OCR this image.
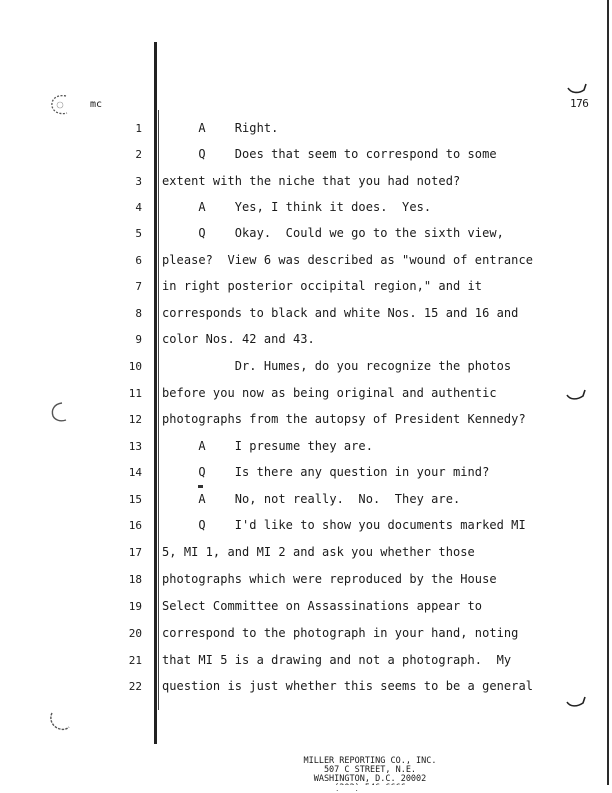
mc	176
1 A    Right.
2 Q    Does that seem to correspond to some
3 extent with the niche that you had noted?
4 A    Yes, I think it does.  Yes.
5 Q    Okay.  Could we go to the sixth view,
6 please?  View 6 was described as "wound of entrance
7 in right posterior occipital region," and it
8 corresponds to black and white Nos. 15 and 16 and
9 color Nos. 42 and 43.
10 Dr. Humes, do you recognize the photos
11 before you now as being original and authentic
12 photographs from the autopsy of President Kennedy?
13 A    I presume they are.
14 Q    Is there any question in your mind?
15 A    No, not really.  No.  They are.
16 Q    I'd like to show you documents marked MI
17 5, MI 1, and MI 2 and ask you whether those
18 photographs which were reproduced by the House
19 Select Committee on Assassinations appear to
20 correspond to the photograph in your hand, noting
21 that MI 5 is a drawing and not a photograph.  My
22 question is just whether this seems to be a general
MILLER REPORTING CO., INC.
507 C STREET, N.E.
WASHINGTON, D.C. 20002
